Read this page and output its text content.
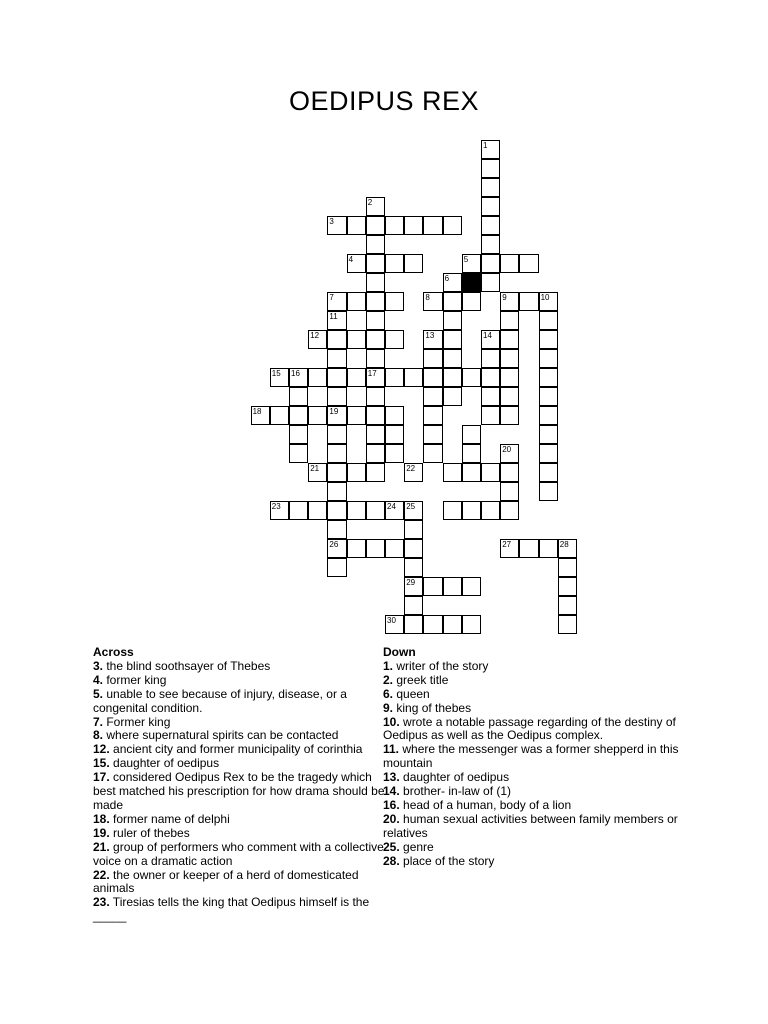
OEDIPUS REX
1
2
3
4	5
6
7	8	9	10
11
12	13	14
15 16	17
18	19
20
21	22
23	24 25
26	27	28
29
30
Across
3. the blind soothsayer of Thebes
4. former king
5. unable to see because of injury, disease, or a congenital condition.
7. Former king
8. where supernatural spirits can be contacted
12. ancient city and former municipality of corinthia
15. daughter of oedipus
17. considered Oedipus Rex to be the tragedy which best matched his prescription for how drama should be made
18. former name of delphi
19. ruler of thebes
21. group of performers who comment with a collective voice on a dramatic action
22. the owner or keeper of a herd of domesticated animals
23. Tiresias tells the king that Oedipus himself is the _____
Down
1. writer of the story
2. greek title
6. queen
9. king of thebes
10. wrote a notable passage regarding of the destiny of Oedipus as well as the Oedipus complex.
11. where the messenger was a former shepperd in this mountain
13. daughter of oedipus
14. brother- in-law of (1)
16. head of a human, body of a lion
20. human sexual activities between family members or relatives
25. genre
28. place of the story
